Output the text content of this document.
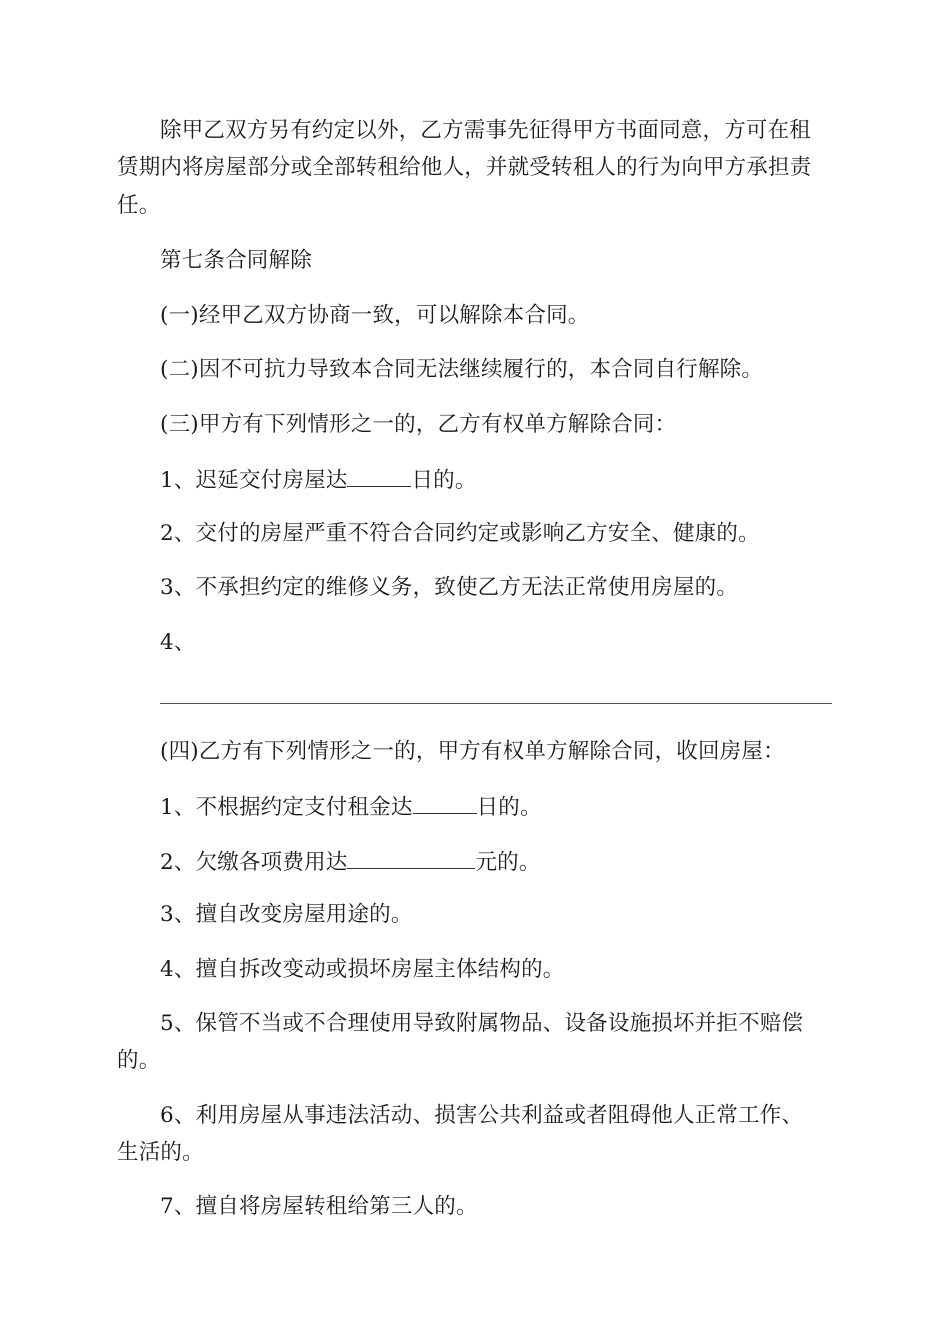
除甲乙双方另有约定以外，乙方需事先征得甲方书面同意，方可在租
赁期内将房屋部分或全部转租给他人，并就受转租人的行为向甲方承担责
任。
第七条合同解除
(一)经甲乙双方协商一致，可以解除本合同。
(二)因不可抗力导致本合同无法继续履行的，本合同自行解除。
(三)甲方有下列情形之一的，乙方有权单方解除合同：
1、迟延交付房屋达	日的。
2、交付的房屋严重不符合合同约定或影响乙方安全、健康的。
3、不承担约定的维修义务，致使乙方无法正常使用房屋的。
4、
(四)乙方有下列情形之一的，甲方有权单方解除合同，收回房屋：
1、不根据约定支付租金达	日的。
2、欠缴各项费用达	元的。
3、擅自改变房屋用途的。
4、擅自拆改变动或损坏房屋主体结构的。
5、保管不当或不合理使用导致附属物品、设备设施损坏并拒不赔偿
的。
6、利用房屋从事违法活动、损害公共利益或者阻碍他人正常工作、
生活的。
7、擅自将房屋转租给第三人的。
